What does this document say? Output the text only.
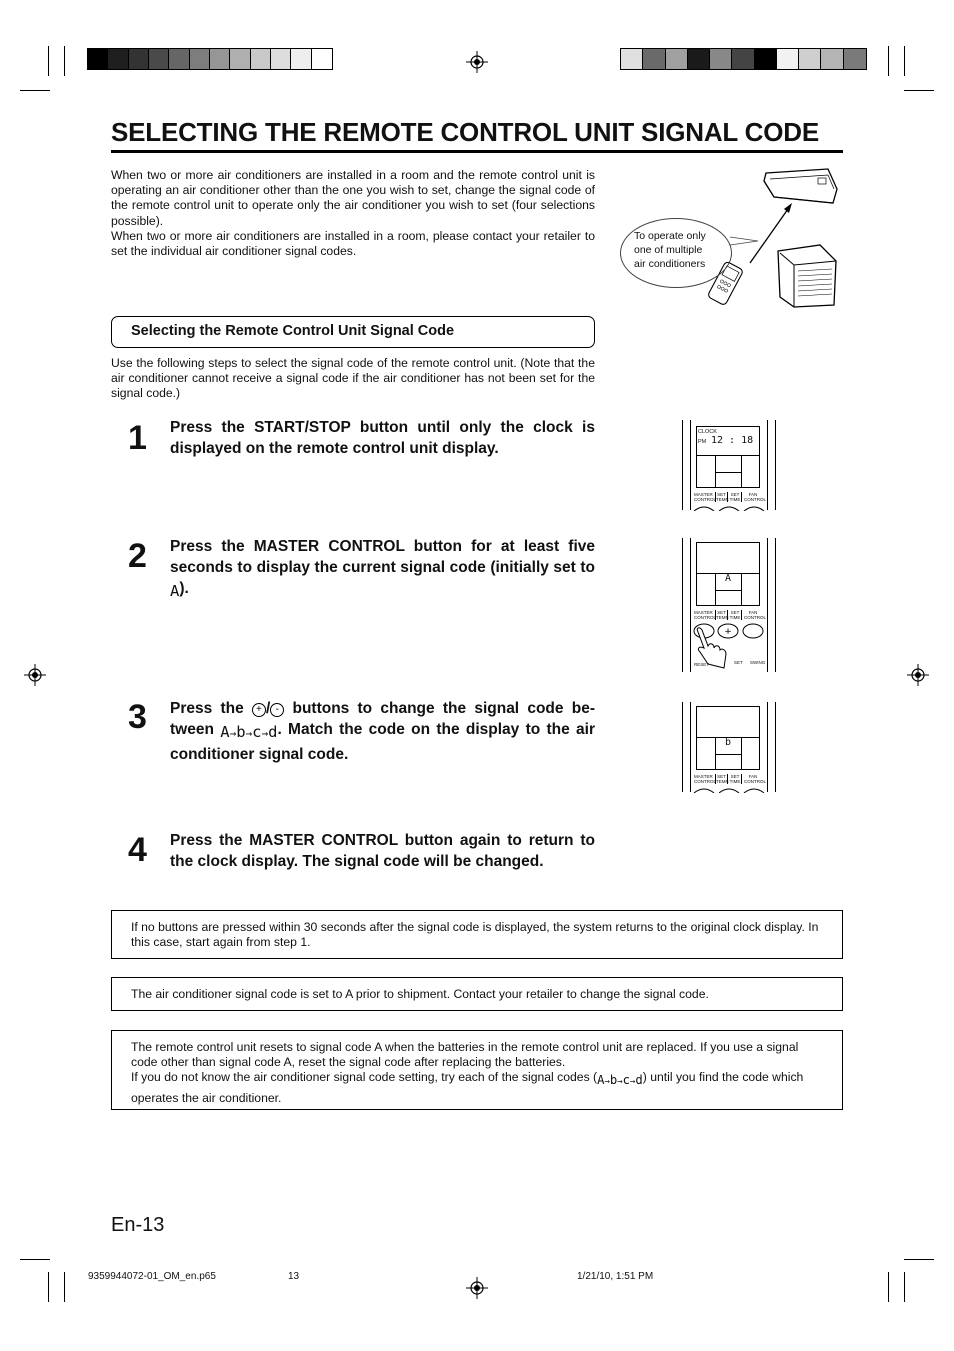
SELECTING THE REMOTE CONTROL UNIT SIGNAL CODE

When two or more air conditioners are installed in a room and the remote control unit is operating an air conditioner other than the one you wish to set, change the signal code of the remote control unit to operate only the air conditioner you wish to set (four selections possible).

When two or more air conditioners are installed in a room, please contact your retailer to set the individual air conditioner signal codes.

To operate only
one of multiple
air conditioners
Selecting the Remote Control Unit Signal Code
Use the following steps to select the signal code of the remote control unit. (Note that the air conditioner cannot receive a signal code if the air conditioner has not been set for the signal code.)
1 Press the START/STOP button until only the clock is displayed on the remote control unit display.
2 Press the MASTER CONTROL button for at least five seconds to display the current signal code (initially set to A).
3 Press the + / - buttons to change the signal code be-tween A→b→c→d. Match the code on the display to the air conditioner signal code.
4 Press the MASTER CONTROL button again to return to the clock display. The signal code will be changed.
CLOCK
PM 12 : 18
MASTER CONTROL
SET TEMP.
SET TIME
FAN CONTROL
A
MASTER CONTROL
SET TEMP.
SET TIME
FAN CONTROL
+
RESET	SET SWING
b
MASTER CONTROL
SET TEMP.
SET TIME
FAN CONTROL
If no buttons are pressed within 30 seconds after the signal code is displayed, the system returns to the original clock display. In this case, start again from step 1.
The air conditioner signal code is set to A prior to shipment. Contact your retailer to change the signal code.
The remote control unit resets to signal code A when the batteries in the remote control unit are replaced. If you use a signal code other than signal code A, reset the signal code after replacing the batteries.
If you do not know the air conditioner signal code setting, try each of the signal codes (A→b→c→d) until you find the code which operates the air conditioner.
En-13
9359944072-01_OM_en.p65	13	1/21/10, 1:51 PM
